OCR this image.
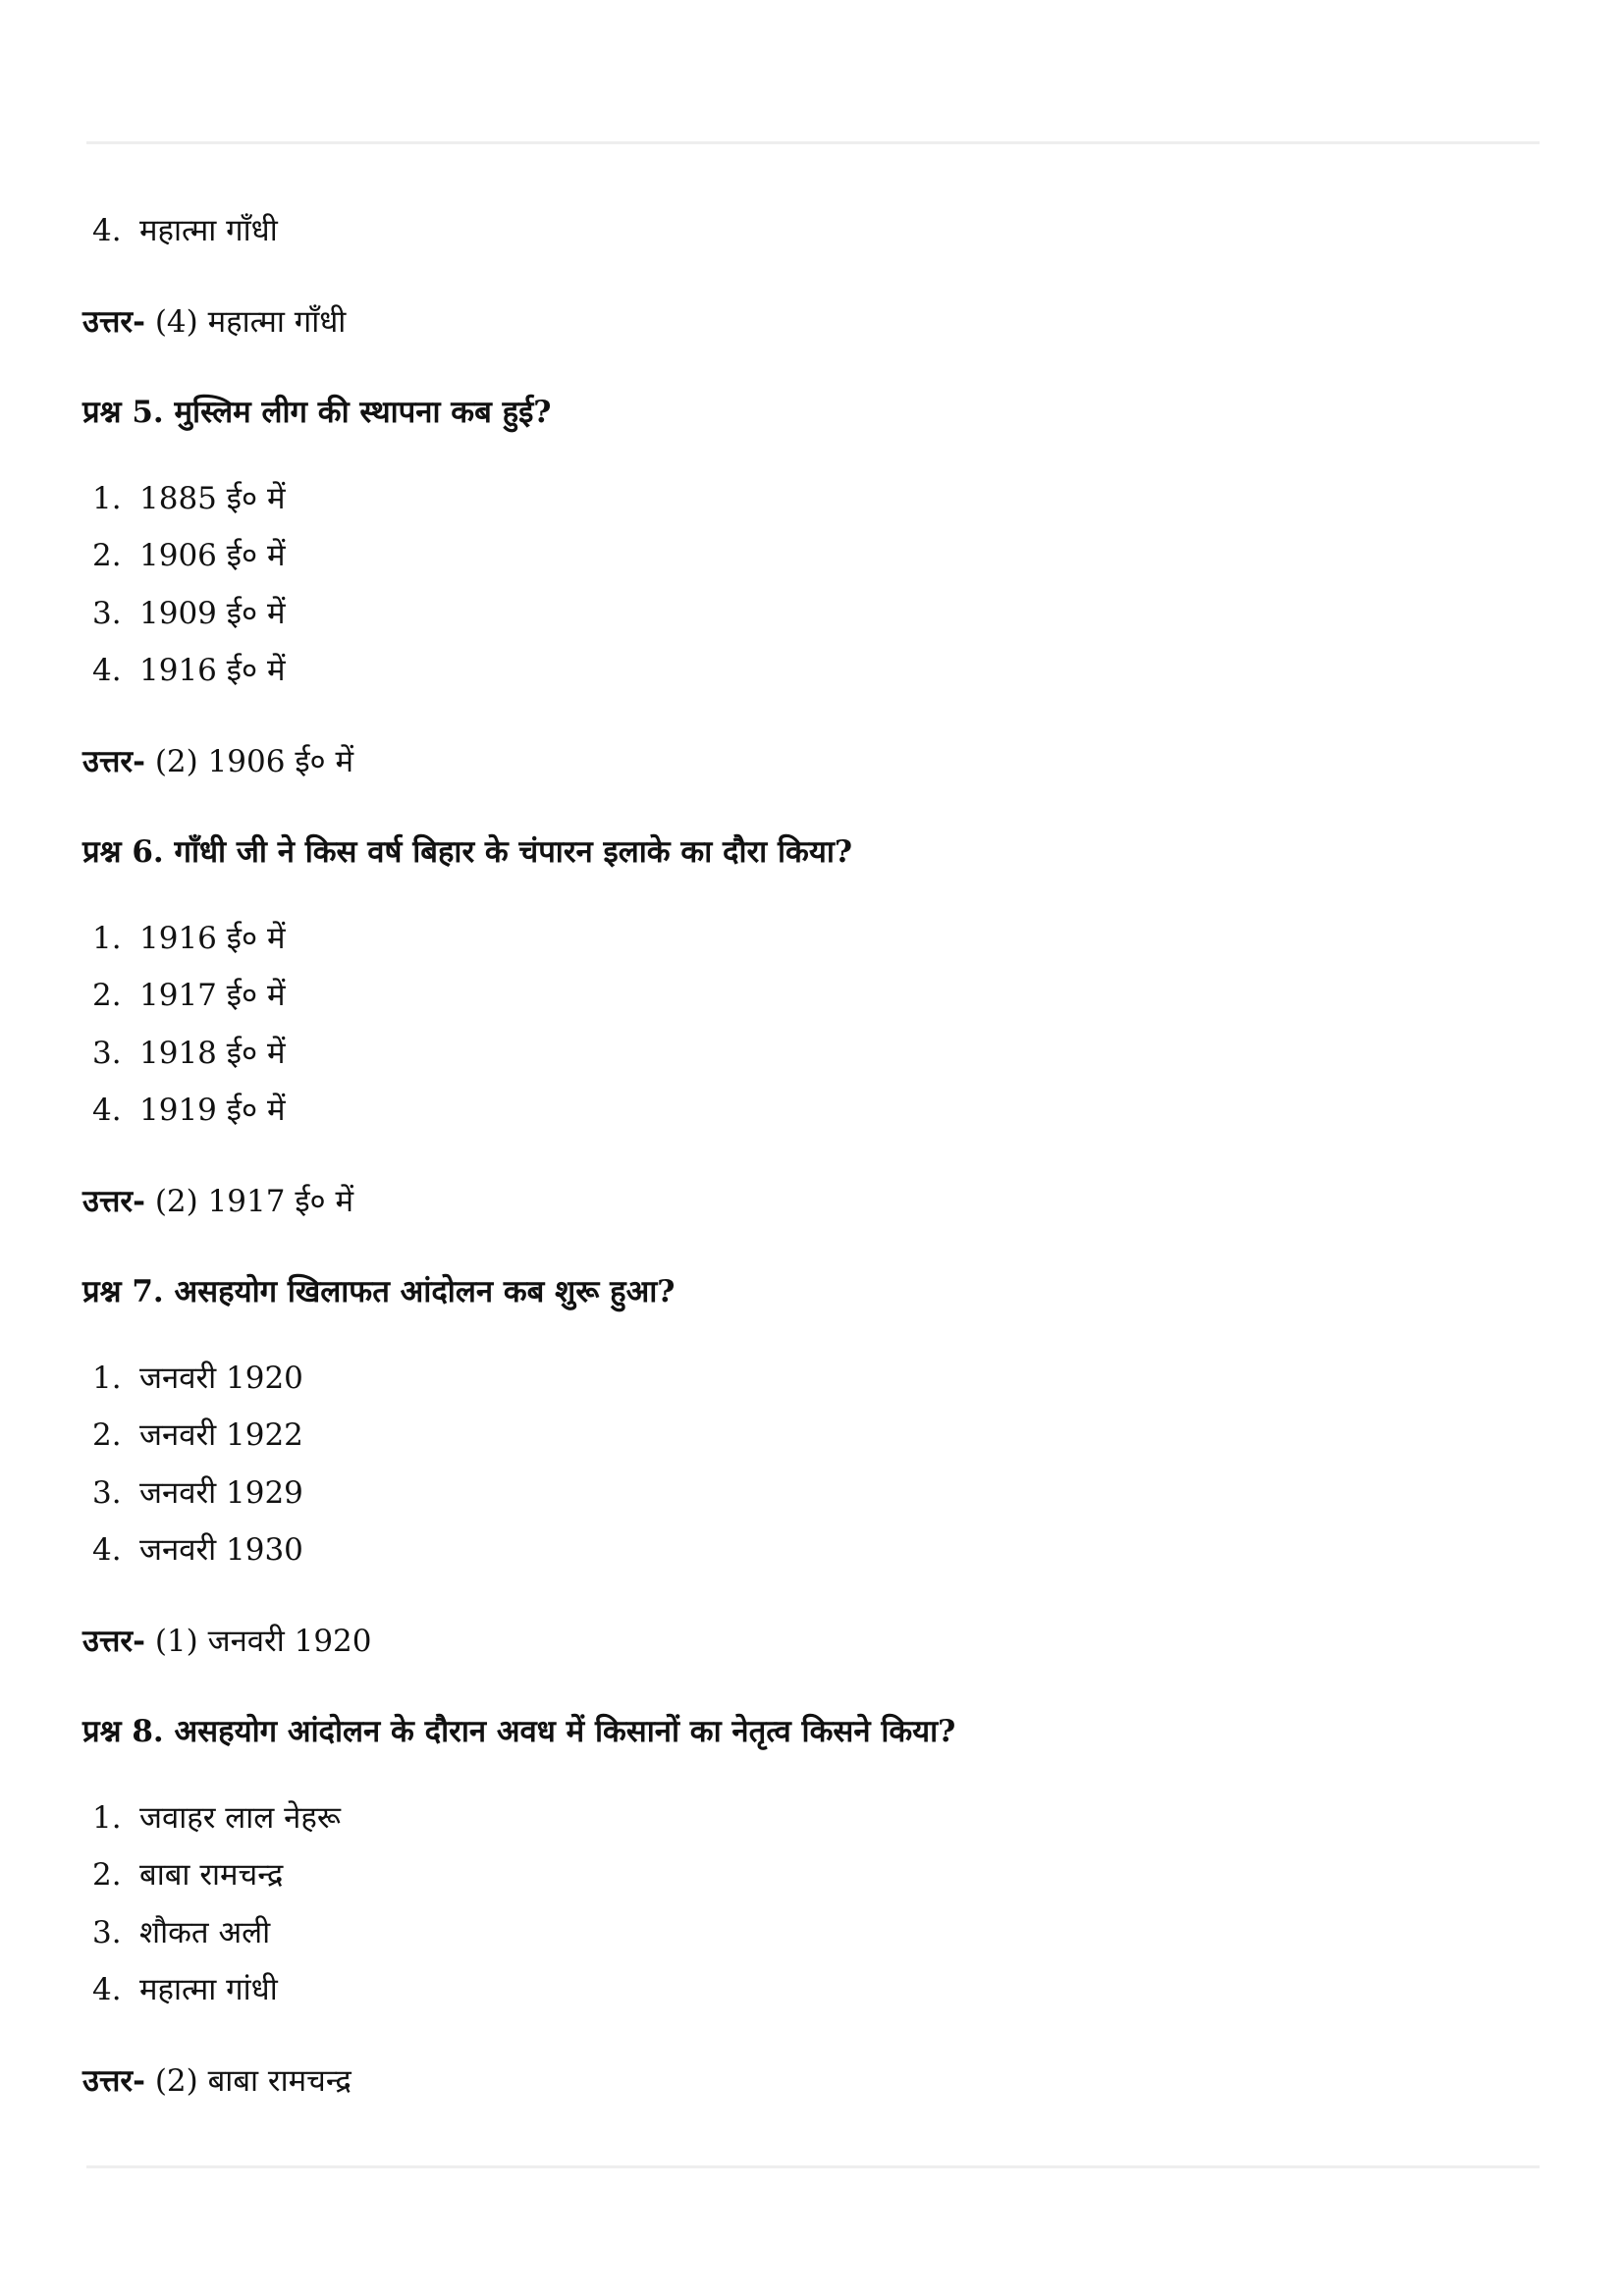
4. महात्मा गाँधी
उत्तर- (4) महात्मा गाँधी
प्रश्न 5. मुस्लिम लीग की स्थापना कब हुई?
1. 1885 ई० में
2. 1906 ई० में
3. 1909 ई० में
4. 1916 ई० में
उत्तर- (2) 1906 ई० में
प्रश्न 6. गाँधी जी ने किस वर्ष बिहार के चंपारन इलाके का दौरा किया?
1. 1916 ई० में
2. 1917 ई० में
3. 1918 ई० में
4. 1919 ई० में
उत्तर- (2) 1917 ई० में
प्रश्न 7. असहयोग खिलाफत आंदोलन कब शुरू हुआ?
1. जनवरी 1920
2. जनवरी 1922
3. जनवरी 1929
4. जनवरी 1930
उत्तर- (1) जनवरी 1920
प्रश्न 8. असहयोग आंदोलन के दौरान अवध में किसानों का नेतृत्व किसने किया?
1. जवाहर लाल नेहरू
2. बाबा रामचन्द्र
3. शौकत अली
4. महात्मा गांधी
उत्तर- (2) बाबा रामचन्द्र
